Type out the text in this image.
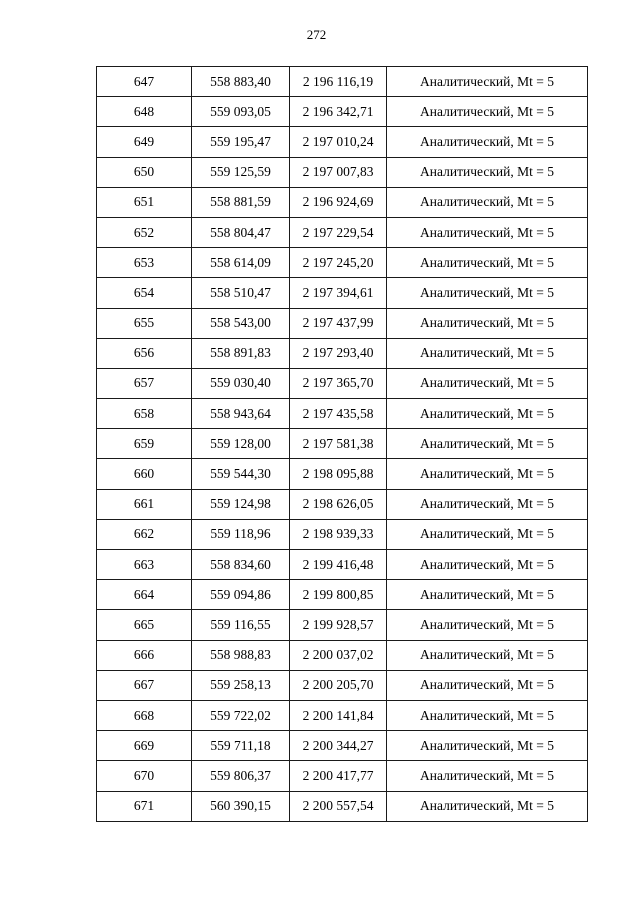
272
647	558 883,40	2 196 116,19	Аналитический, Mt = 5
648	559 093,05	2 196 342,71	Аналитический, Mt = 5
649	559 195,47	2 197 010,24	Аналитический, Mt = 5
650	559 125,59	2 197 007,83	Аналитический, Mt = 5
651	558 881,59	2 196 924,69	Аналитический, Mt = 5
652	558 804,47	2 197 229,54	Аналитический, Mt = 5
653	558 614,09	2 197 245,20	Аналитический, Mt = 5
654	558 510,47	2 197 394,61	Аналитический, Mt = 5
655	558 543,00	2 197 437,99	Аналитический, Mt = 5
656	558 891,83	2 197 293,40	Аналитический, Mt = 5
657	559 030,40	2 197 365,70	Аналитический, Mt = 5
658	558 943,64	2 197 435,58	Аналитический, Mt = 5
659	559 128,00	2 197 581,38	Аналитический, Mt = 5
660	559 544,30	2 198 095,88	Аналитический, Mt = 5
661	559 124,98	2 198 626,05	Аналитический, Mt = 5
662	559 118,96	2 198 939,33	Аналитический, Mt = 5
663	558 834,60	2 199 416,48	Аналитический, Mt = 5
664	559 094,86	2 199 800,85	Аналитический, Mt = 5
665	559 116,55	2 199 928,57	Аналитический, Mt = 5
666	558 988,83	2 200 037,02	Аналитический, Mt = 5
667	559 258,13	2 200 205,70	Аналитический, Mt = 5
668	559 722,02	2 200 141,84	Аналитический, Mt = 5
669	559 711,18	2 200 344,27	Аналитический, Mt = 5
670	559 806,37	2 200 417,77	Аналитический, Mt = 5
671	560 390,15	2 200 557,54	Аналитический, Mt = 5
